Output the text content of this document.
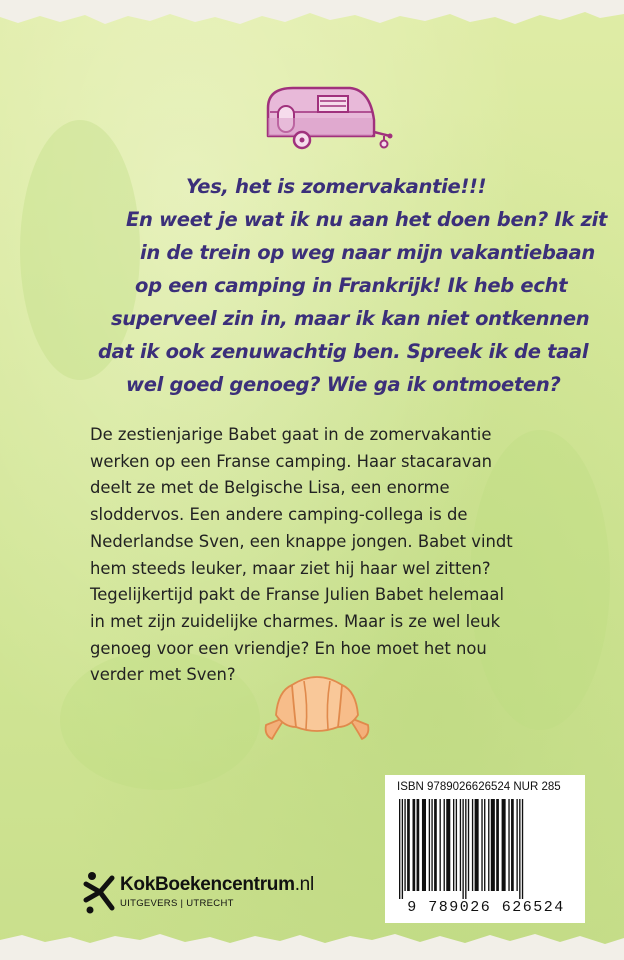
Yes, het is zomervakantie!!!
En weet je wat ik nu aan het doen ben? Ik zit
in de trein op weg naar mijn vakantiebaan
op een camping in Frankrijk! Ik heb echt
superveel zin in, maar ik kan niet ontkennen
dat ik ook zenuwachtig ben. Spreek ik de taal
wel goed genoeg? Wie ga ik ontmoeten?
De zestienjarige Babet gaat in de zomervakantie
werken op een Franse camping. Haar stacaravan
deelt ze met de Belgische Lisa, een enorme
sloddervos. Een andere camping-collega is de
Nederlandse Sven, een knappe jongen. Babet vindt
hem steeds leuker, maar ziet hij haar wel zitten?
Tegelijkertijd pakt de Franse Julien Babet helemaal
in met zijn zuidelijke charmes. Maar is ze wel leuk
genoeg voor een vriendje? En hoe moet het nou
verder met Sven?
KokBoekencentrum.nl
UITGEVERS | UTRECHT
ISBN 9789026626524 NUR 285
9 789026 626524
